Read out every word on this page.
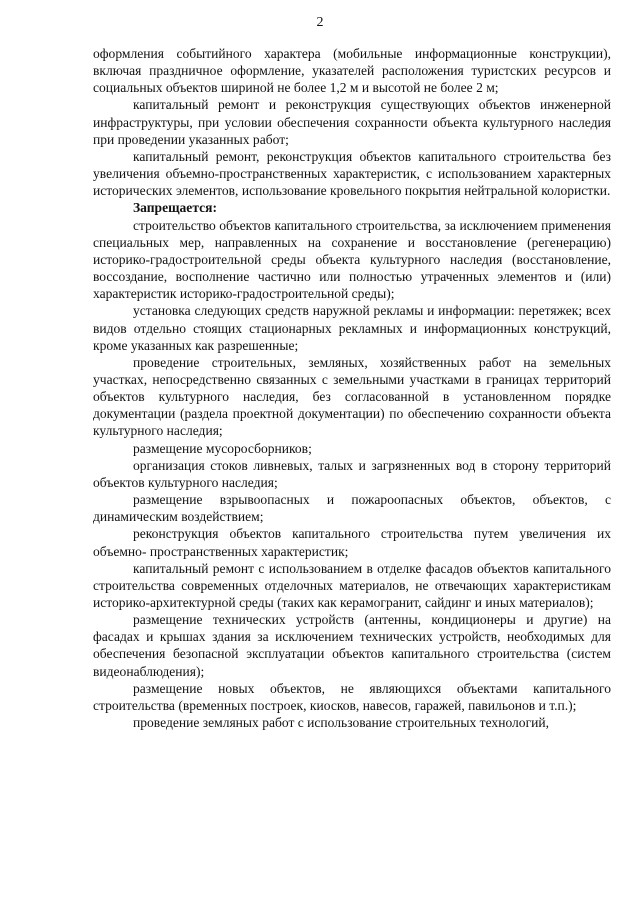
2

оформления событийного характера (мобильные информационные конструкции), включая праздничное оформление, указателей расположения туристских ресурсов и социальных объектов шириной не более 1,2 м и высотой не более 2 м;

капитальный ремонт и реконструкция существующих объектов инженерной инфраструктуры, при условии обеспечения сохранности объекта культурного наследия при проведении указанных работ;

капитальный ремонт, реконструкция объектов капитального строительства без увеличения объемно-пространственных характеристик, с использованием характерных исторических элементов, использование кровельного покрытия нейтральной колористки.

Запрещается:

строительство объектов капитального строительства, за исключением применения специальных мер, направленных на сохранение и восстановление (регенерацию) историко-градостроительной среды объекта культурного наследия (восстановление, воссоздание, восполнение частично или полностью утраченных элементов и (или) характеристик историко-градостроительной среды);

установка следующих средств наружной рекламы и информации: перетяжек; всех видов отдельно стоящих стационарных рекламных и информационных конструкций, кроме указанных как разрешенные;

проведение строительных, земляных, хозяйственных работ на земельных участках, непосредственно связанных с земельными участками в границах территорий объектов культурного наследия, без согласованной в установленном порядке документации (раздела проектной документации) по обеспечению сохранности объекта культурного наследия;

размещение мусоросборников;

организация стоков ливневых, талых и загрязненных вод в сторону территорий объектов культурного наследия;

размещение взрывоопасных и пожароопасных объектов, объектов, с динамическим воздействием;

реконструкция объектов капитального строительства путем увеличения их объемно- пространственных характеристик;

капитальный ремонт с использованием в отделке фасадов объектов капитального строительства современных отделочных материалов, не отвечающих характеристикам историко-архитектурной среды (таких как керамогранит, сайдинг и иных материалов);

размещение технических устройств (антенны, кондиционеры и другие) на фасадах и крышах здания за исключением технических устройств, необходимых для обеспечения безопасной эксплуатации объектов капитального строительства (систем видеонаблюдения);

размещение новых объектов, не являющихся объектами капитального строительства (временных построек, киосков, навесов, гаражей, павильонов и т.п.);

проведение земляных работ с использование строительных технологий,
